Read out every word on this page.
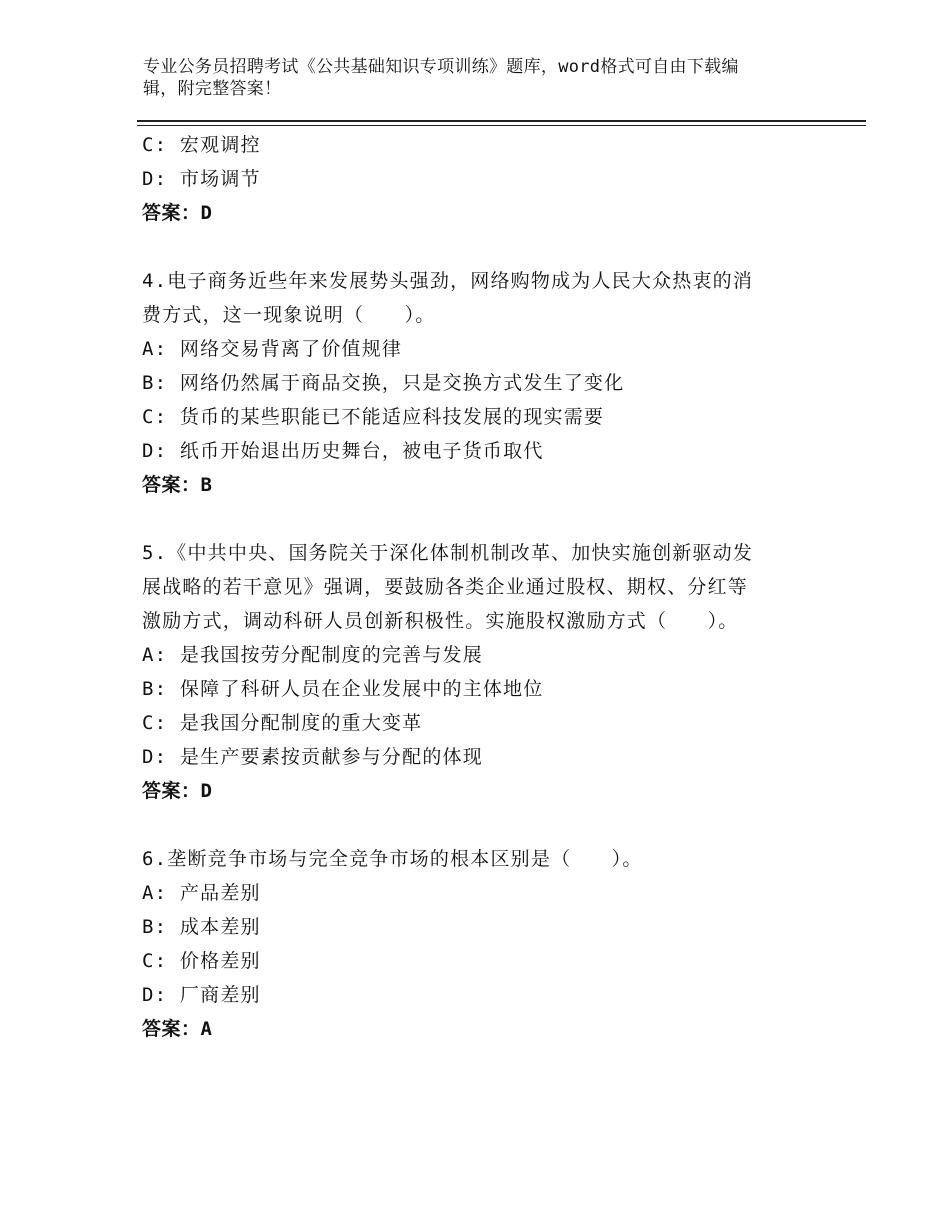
专业公务员招聘考试《公共基础知识专项训练》题库，word格式可自由下载编
辑，附完整答案！
C: 宏观调控
D: 市场调节
答案：D
4.电子商务近些年来发展势头强劲，网络购物成为人民大众热衷的消
费方式，这一现象说明（　　）。
A: 网络交易背离了价值规律
B: 网络仍然属于商品交换，只是交换方式发生了变化
C: 货币的某些职能已不能适应科技发展的现实需要
D: 纸币开始退出历史舞台，被电子货币取代
答案：B
5.《中共中央、国务院关于深化体制机制改革、加快实施创新驱动发
展战略的若干意见》强调，要鼓励各类企业通过股权、期权、分红等
激励方式，调动科研人员创新积极性。实施股权激励方式（　　）。
A: 是我国按劳分配制度的完善与发展
B: 保障了科研人员在企业发展中的主体地位
C: 是我国分配制度的重大变革
D: 是生产要素按贡献参与分配的体现
答案：D
6.垄断竞争市场与完全竞争市场的根本区别是（　　）。
A: 产品差别
B: 成本差别
C: 价格差别
D: 厂商差别
答案：A
